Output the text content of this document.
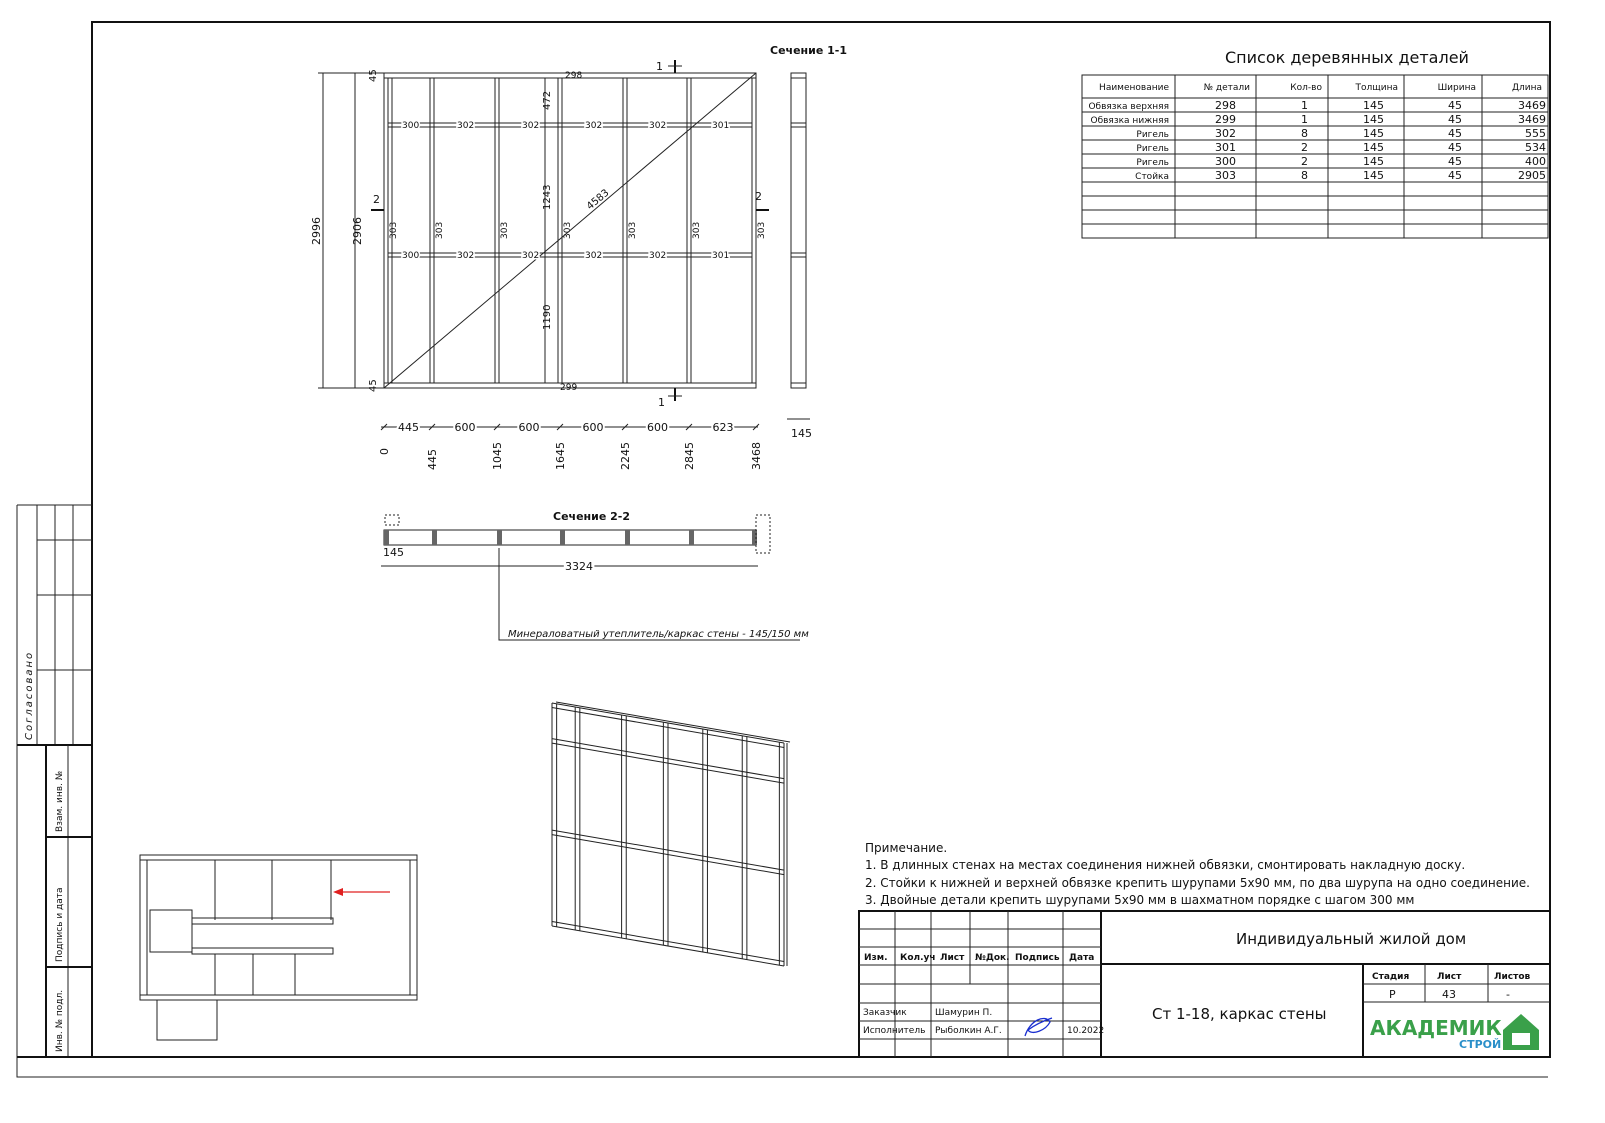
Согласовано
Взам. инв. №
Подпись и дата
Инв. № подл.
Сечение 1-1
303	303	303	303	303	303	303
298
299
4583
472
1243
1190
300	302	302	302	302	301
300	302	302	302	302	301
2996	2906
45
45
1
1
2	2
145
0	445	1045	1645	2245	2845	3468
445	600	600	600	600	623
Сечение 2-2
145
3324
Минераловатный утеплитель/каркас стены - 145/150 мм
Список деревянных деталей
Наименование	№ детали	Кол-во	Толщина	Ширина	Длина
Обвязка верхняя	298	1	145	45	3469
Обвязка нижняя	299	1	145	45	3469
Ригель	302	8	145	45	555
Ригель	301	2	145	45	534
Ригель	300	2	145	45	400
Стойка	303	8	145	45	2905
Примечание.
1. В длинных стенах на местах соединения нижней обвязки, смонтировать накладную доску.
2. Стойки к нижней и верхней обвязке крепить шурупами 5х90 мм, по два шурупа на одно соединение.
3. Двойные детали крепить шурупами 5х90 мм в шахматном порядке с шагом 300 мм
Изм. Кол.уч Лист №Док. Подпись Дата
Заказчик	Шамурин П.
Исполнитель Рыболкин А.Г.	10.2022
Индивидуальный жилой дом
Ст 1-18, каркас стены
Стадия	Лист	Листов
Р	43	-
АКАДЕМИК
СТРОЙ
